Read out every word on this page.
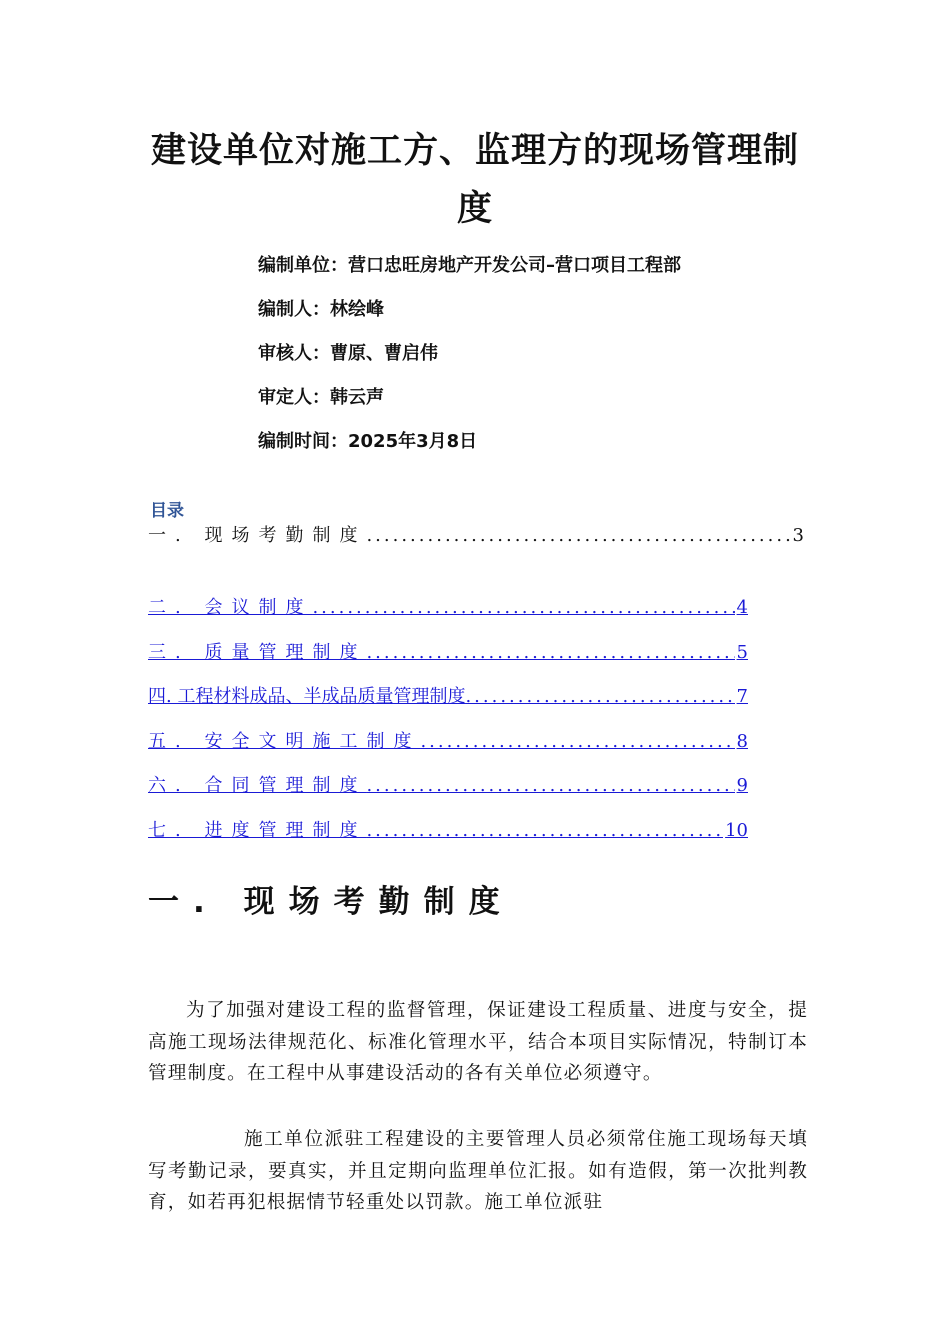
建设单位对施工方、监理方的现场管理制度
编制单位：营口忠旺房地产开发公司–营口项目工程部
编制人：林绘峰
审核人：曹原、曹启伟
审定人：韩云声
编制时间：2025年3月8日
目录
一. 现场考勤制度 .....	3
二. 会议制度 .....	4
三. 质量管理制度 .....	5
四. 工程材料成品、半成品质量管理制度 .....	7
五. 安全文明施工制度 .....	8
六. 合同管理制度 .....	9
七. 进度管理制度 .....	10
一. 现场考勤制度
为了加强对建设工程的监督管理，保证建设工程质量、进度与安全，提高施工现场法律规范化、标准化管理水平，结合本项目实际情况，特制订本管理制度。在工程中从事建设活动的各有关单位必须遵守。
施工单位派驻工程建设的主要管理人员必须常住施工现场每天填写考勤记录，要真实，并且定期向监理单位汇报。如有造假，第一次批判教育，如若再犯根据情节轻重处以罚款。施工单位派驻
